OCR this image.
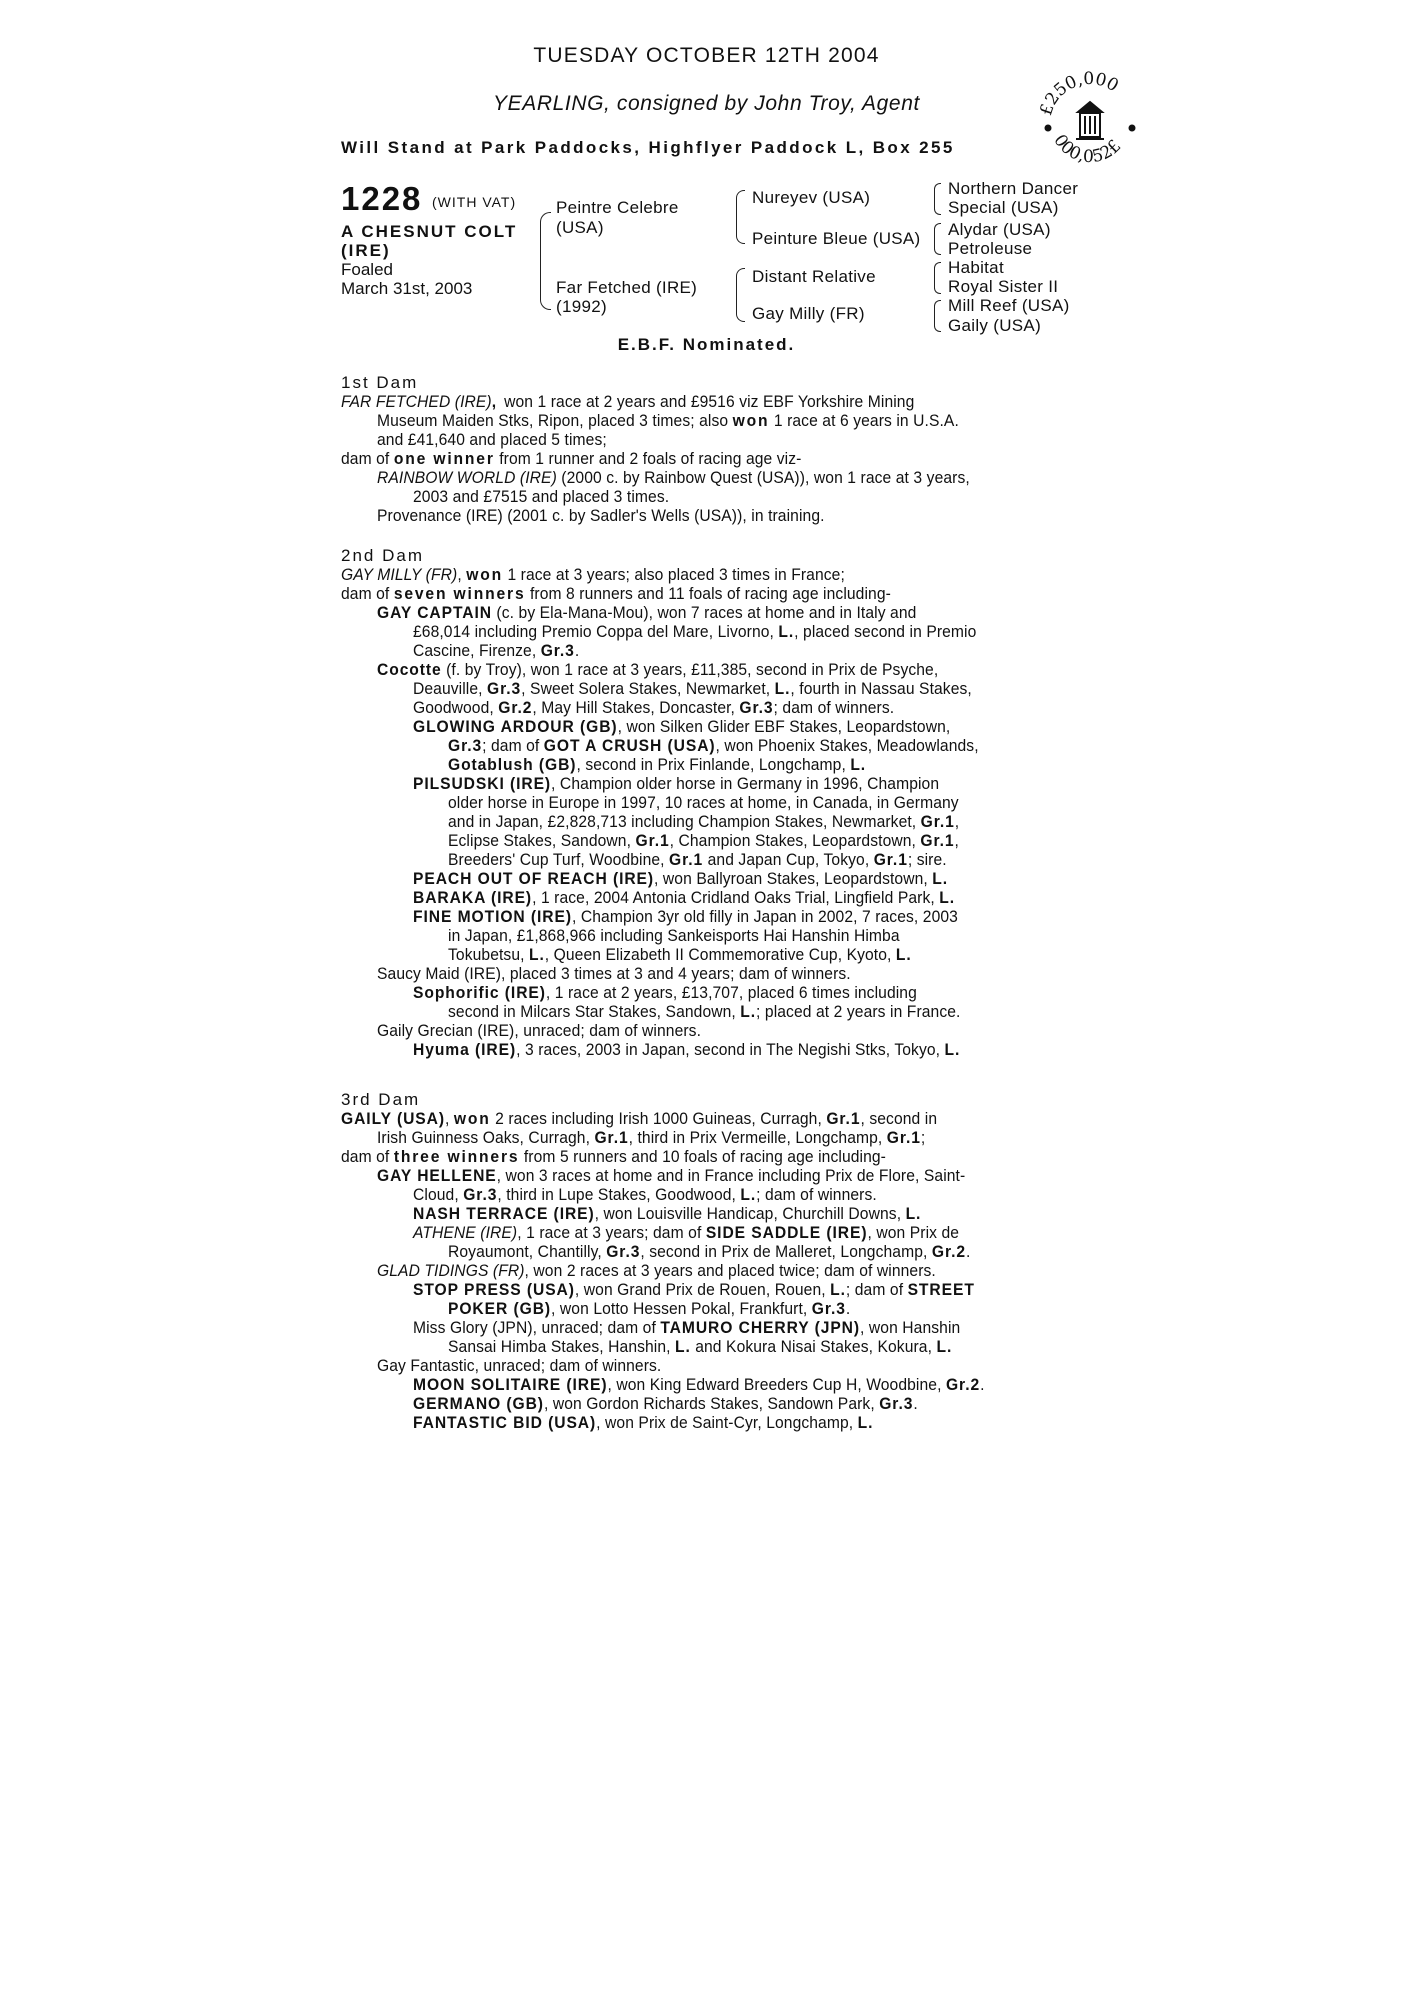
TUESDAY OCTOBER 12TH 2004
YEARLING, consigned by John Troy, Agent
Will Stand at Park Paddocks, Highflyer Paddock L, Box 255
£250,000
000,052£
1228 (WITH VAT)
A CHESNUT COLT
(IRE)
Foaled
March 31st, 2003
Peintre Celebre
(USA)
Far Fetched (IRE)
(1992)
Nureyev (USA)
Peinture Bleue (USA)
Distant Relative
Gay Milly (FR)
Northern Dancer
Special (USA)
Alydar (USA)
Petroleuse
Habitat
Royal Sister II
Mill Reef (USA)
Gaily (USA)
E.B.F. Nominated.
1st Dam
FAR FETCHED (IRE), won 1 race at 2 years and £9516 viz EBF Yorkshire Mining
Museum Maiden Stks, Ripon, placed 3 times; also won 1 race at 6 years in U.S.A.
and £41,640 and placed 5 times;
dam of one winner from 1 runner and 2 foals of racing age viz-
RAINBOW WORLD (IRE) (2000 c. by Rainbow Quest (USA)), won 1 race at 3 years,
2003 and £7515 and placed 3 times.
Provenance (IRE) (2001 c. by Sadler's Wells (USA)), in training.
2nd Dam
GAY MILLY (FR), won 1 race at 3 years; also placed 3 times in France;
dam of seven winners from 8 runners and 11 foals of racing age including-
GAY CAPTAIN (c. by Ela-Mana-Mou), won 7 races at home and in Italy and
£68,014 including Premio Coppa del Mare, Livorno, L., placed second in Premio
Cascine, Firenze, Gr.3.
Cocotte (f. by Troy), won 1 race at 3 years, £11,385, second in Prix de Psyche,
Deauville, Gr.3, Sweet Solera Stakes, Newmarket, L., fourth in Nassau Stakes,
Goodwood, Gr.2, May Hill Stakes, Doncaster, Gr.3; dam of winners.
GLOWING ARDOUR (GB), won Silken Glider EBF Stakes, Leopardstown,
Gr.3; dam of GOT A CRUSH (USA), won Phoenix Stakes, Meadowlands,
Gotablush (GB), second in Prix Finlande, Longchamp, L.
PILSUDSKI (IRE), Champion older horse in Germany in 1996, Champion
older horse in Europe in 1997, 10 races at home, in Canada, in Germany
and in Japan, £2,828,713 including Champion Stakes, Newmarket, Gr.1,
Eclipse Stakes, Sandown, Gr.1, Champion Stakes, Leopardstown, Gr.1,
Breeders' Cup Turf, Woodbine, Gr.1 and Japan Cup, Tokyo, Gr.1; sire.
PEACH OUT OF REACH (IRE), won Ballyroan Stakes, Leopardstown, L.
BARAKA (IRE), 1 race, 2004 Antonia Cridland Oaks Trial, Lingfield Park, L.
FINE MOTION (IRE), Champion 3yr old filly in Japan in 2002, 7 races, 2003
in Japan, £1,868,966 including Sankeisports Hai Hanshin Himba
Tokubetsu, L., Queen Elizabeth II Commemorative Cup, Kyoto, L.
Saucy Maid (IRE), placed 3 times at 3 and 4 years; dam of winners.
Sophorific (IRE), 1 race at 2 years, £13,707, placed 6 times including
second in Milcars Star Stakes, Sandown, L.; placed at 2 years in France.
Gaily Grecian (IRE), unraced; dam of winners.
Hyuma (IRE), 3 races, 2003 in Japan, second in The Negishi Stks, Tokyo, L.
3rd Dam
GAILY (USA), won 2 races including Irish 1000 Guineas, Curragh, Gr.1, second in
Irish Guinness Oaks, Curragh, Gr.1, third in Prix Vermeille, Longchamp, Gr.1;
dam of three winners from 5 runners and 10 foals of racing age including-
GAY HELLENE, won 3 races at home and in France including Prix de Flore, Saint-
Cloud, Gr.3, third in Lupe Stakes, Goodwood, L.; dam of winners.
NASH TERRACE (IRE), won Louisville Handicap, Churchill Downs, L.
ATHENE (IRE), 1 race at 3 years; dam of SIDE SADDLE (IRE), won Prix de
Royaumont, Chantilly, Gr.3, second in Prix de Malleret, Longchamp, Gr.2.
GLAD TIDINGS (FR), won 2 races at 3 years and placed twice; dam of winners.
STOP PRESS (USA), won Grand Prix de Rouen, Rouen, L.; dam of STREET
POKER (GB), won Lotto Hessen Pokal, Frankfurt, Gr.3.
Miss Glory (JPN), unraced; dam of TAMURO CHERRY (JPN), won Hanshin
Sansai Himba Stakes, Hanshin, L. and Kokura Nisai Stakes, Kokura, L.
Gay Fantastic, unraced; dam of winners.
MOON SOLITAIRE (IRE), won King Edward Breeders Cup H, Woodbine, Gr.2.
GERMANO (GB), won Gordon Richards Stakes, Sandown Park, Gr.3.
FANTASTIC BID (USA), won Prix de Saint-Cyr, Longchamp, L.
